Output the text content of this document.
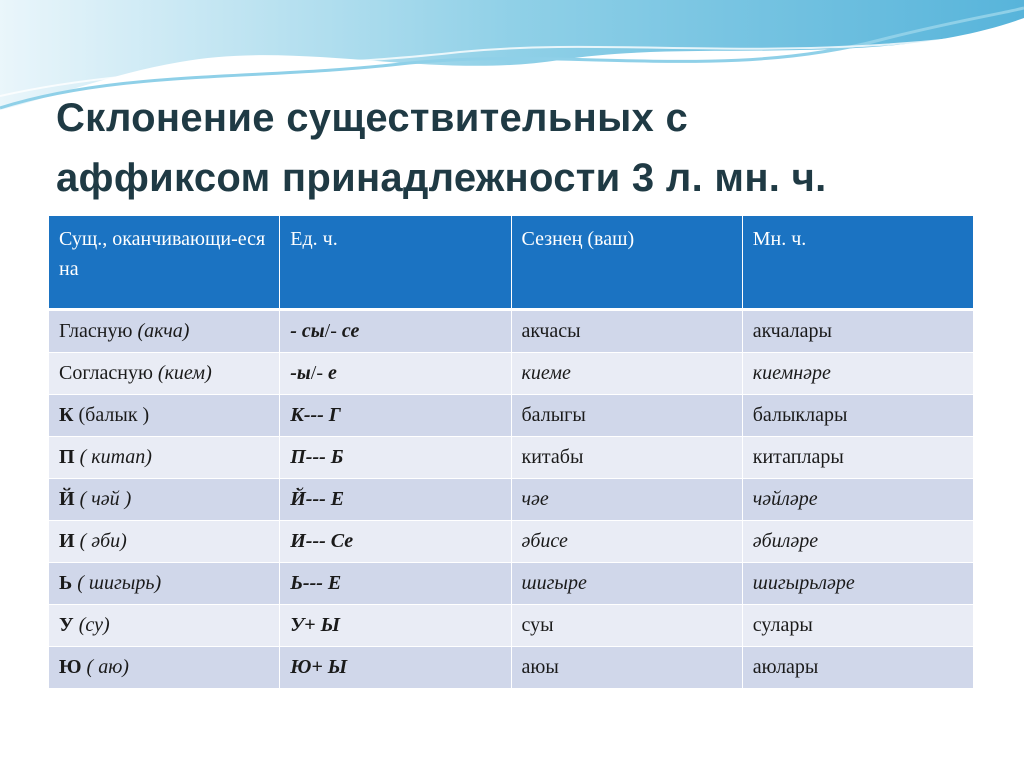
Склонение существительных с
аффиксом принадлежности 3 л. мн. ч.
Сущ., оканчивающи-еся на	Ед. ч.	Сезнең (ваш)	Мн. ч.
Гласную (акча)	- сы/- се	акчасы	акчалары
Согласную (кием)	-ы/- е	киеме	киемнәре
К (балык )	К--- Г	балыгы	балыклары
П ( китап)	П--- Б	китабы	китаплары
Й ( чәй )	Й--- Е	чәе	чәйләре
И ( әби)	И--- Се	әбисе	әбиләре
Ь ( шигырь)	Ь--- Е	шигыре	шигырьләре
У (су)	У+ Ы	суы	сулары
Ю ( аю)	Ю+ Ы	аюы	аюлары
